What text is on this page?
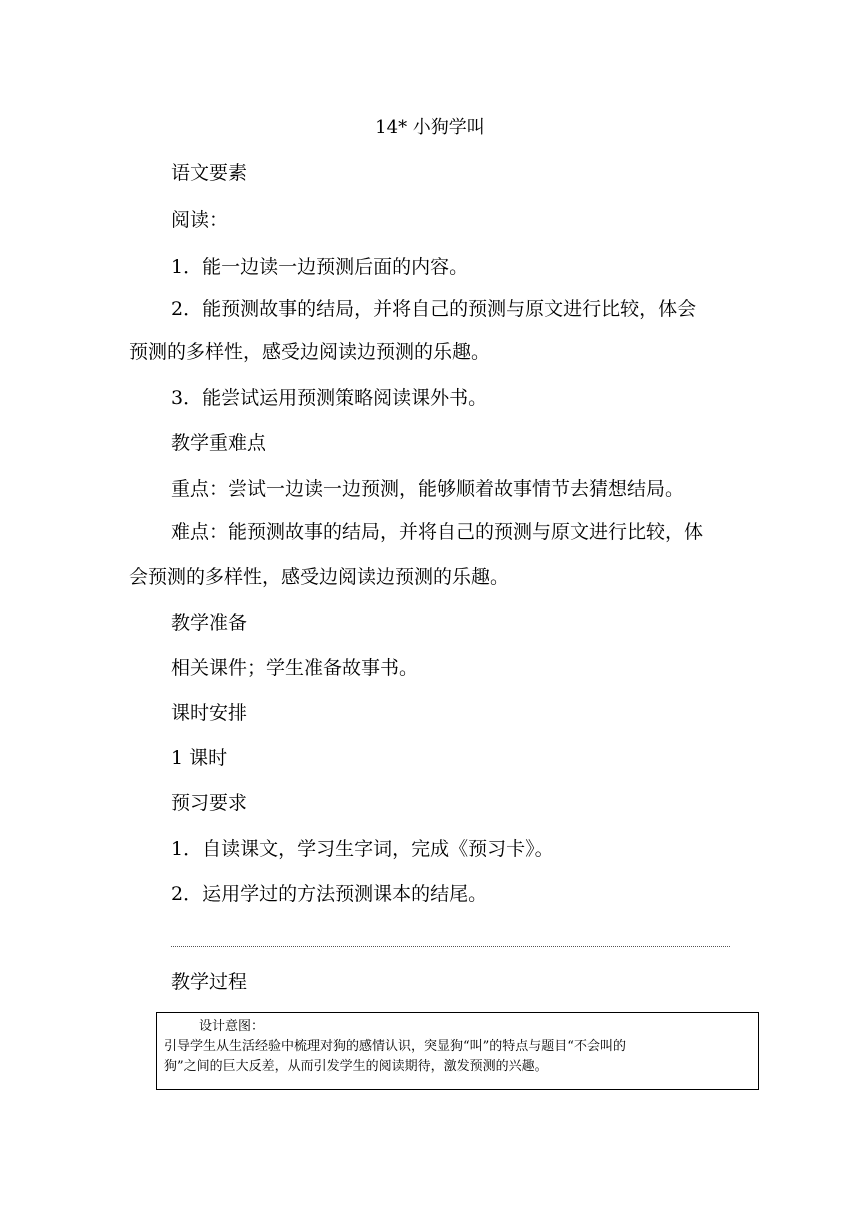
14* 小狗学叫
语文要素
阅读：
1．能一边读一边预测后面的内容。
2．能预测故事的结局，并将自己的预测与原文进行比较，体会
预测的多样性，感受边阅读边预测的乐趣。
3．能尝试运用预测策略阅读课外书。
教学重难点
重点：尝试一边读一边预测，能够顺着故事情节去猜想结局。
难点：能预测故事的结局，并将自己的预测与原文进行比较，体
会预测的多样性，感受边阅读边预测的乐趣。
教学准备
相关课件；学生准备故事书。
课时安排
1 课时
预习要求
1．自读课文，学习生字词，完成《预习卡》。
2．运用学过的方法预测课本的结尾。
教学过程
设计意图：
引导学生从生活经验中梳理对狗的感情认识，突显狗“叫”的特点与题目“不会叫的
狗”之间的巨大反差，从而引发学生的阅读期待，激发预测的兴趣。
